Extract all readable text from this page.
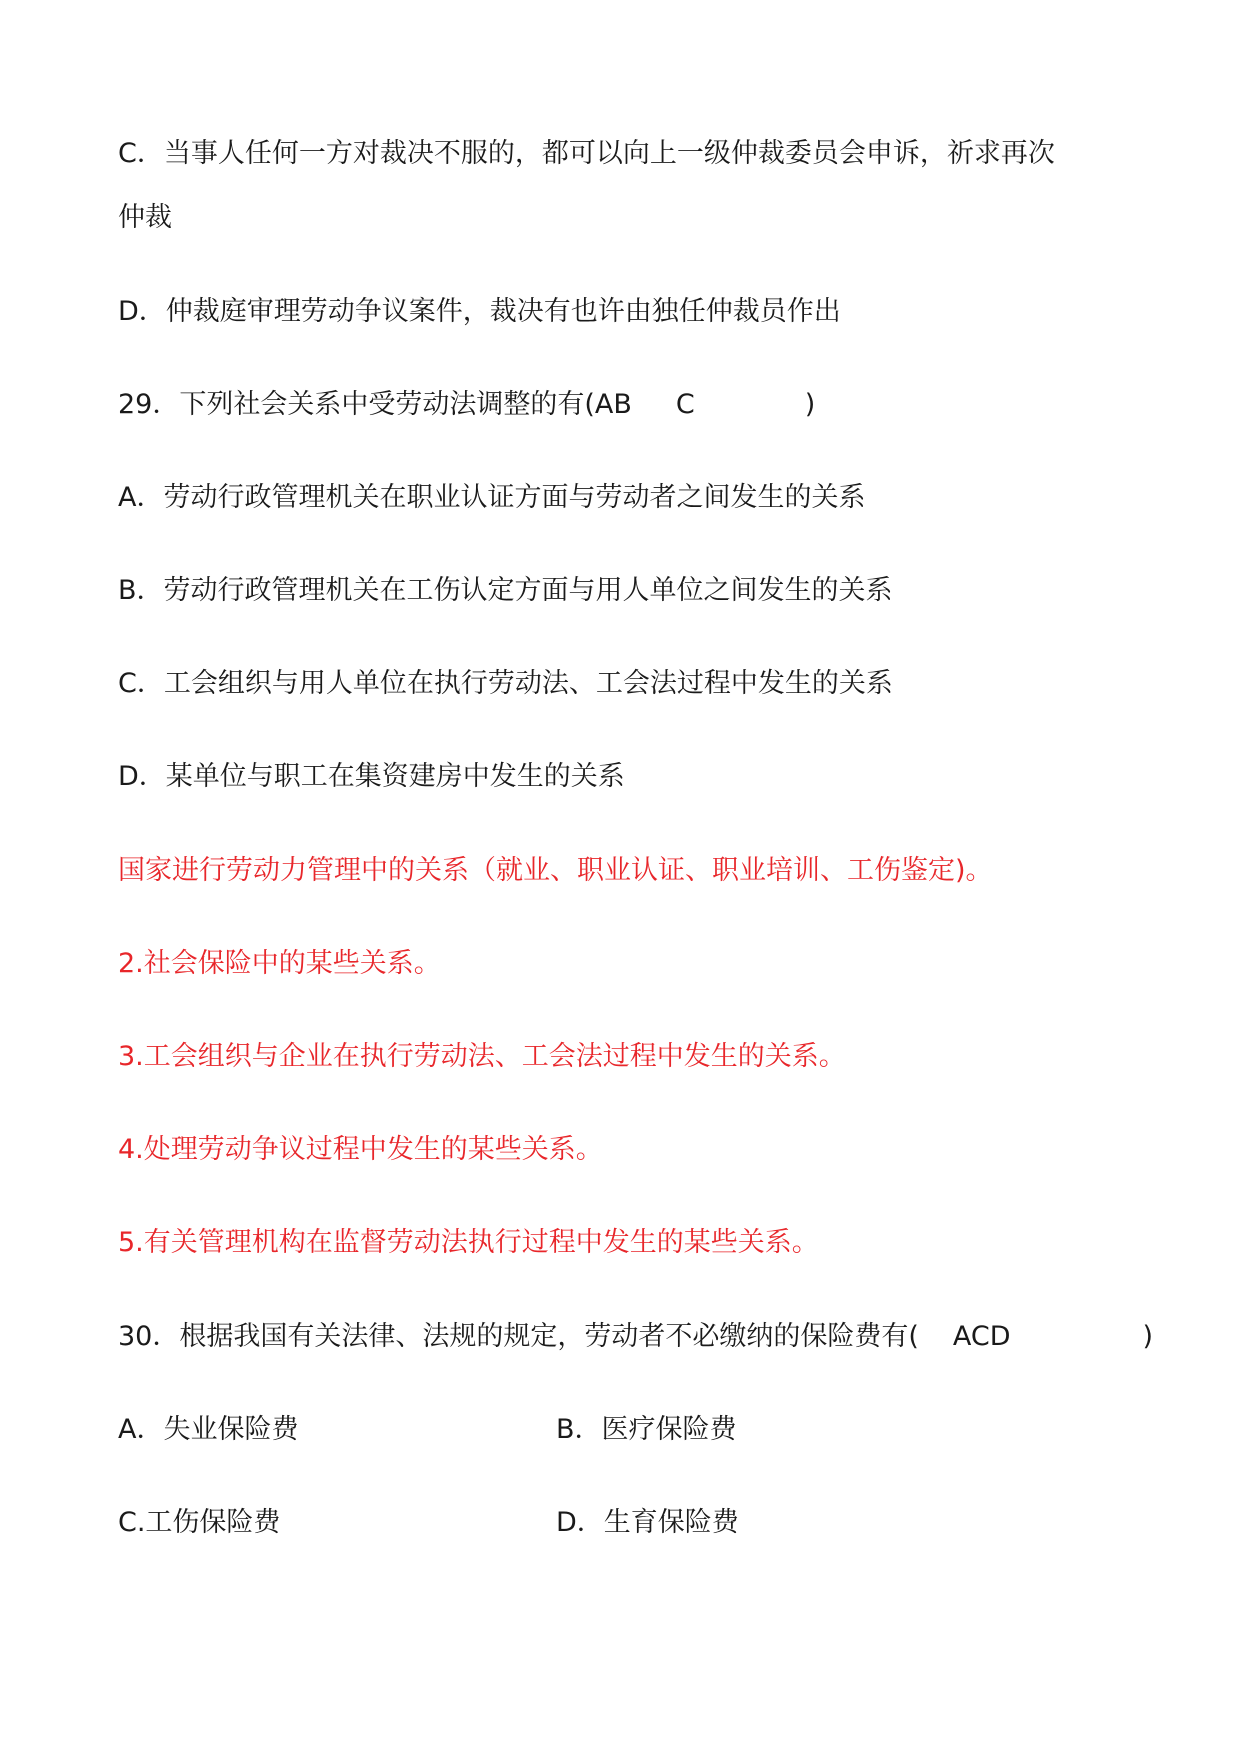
C．当事人任何一方对裁决不服的，都可以向上一级仲裁委员会申诉，祈求再次
仲裁
D．仲裁庭审理劳动争议案件，裁决有也许由独任仲裁员作出
29．下列社会关系中受劳动法调整的有(AB C	)
A．劳动行政管理机关在职业认证方面与劳动者之间发生的关系
B．劳动行政管理机关在工伤认定方面与用人单位之间发生的关系
C．工会组织与用人单位在执行劳动法、工会法过程中发生的关系
D．某单位与职工在集资建房中发生的关系
国家进行劳动力管理中的关系（就业、职业认证、职业培训、工伤鉴定)。
2.社会保险中的某些关系。
3.工会组织与企业在执行劳动法、工会法过程中发生的关系。
4.处理劳动争议过程中发生的某些关系。
5.有关管理机构在监督劳动法执行过程中发生的某些关系。
30．根据我国有关法律、法规的规定，劳动者不必缴纳的保险费有( ACD	)
A．失业保险费	B．医疗保险费
C.工伤保险费	D．生育保险费
